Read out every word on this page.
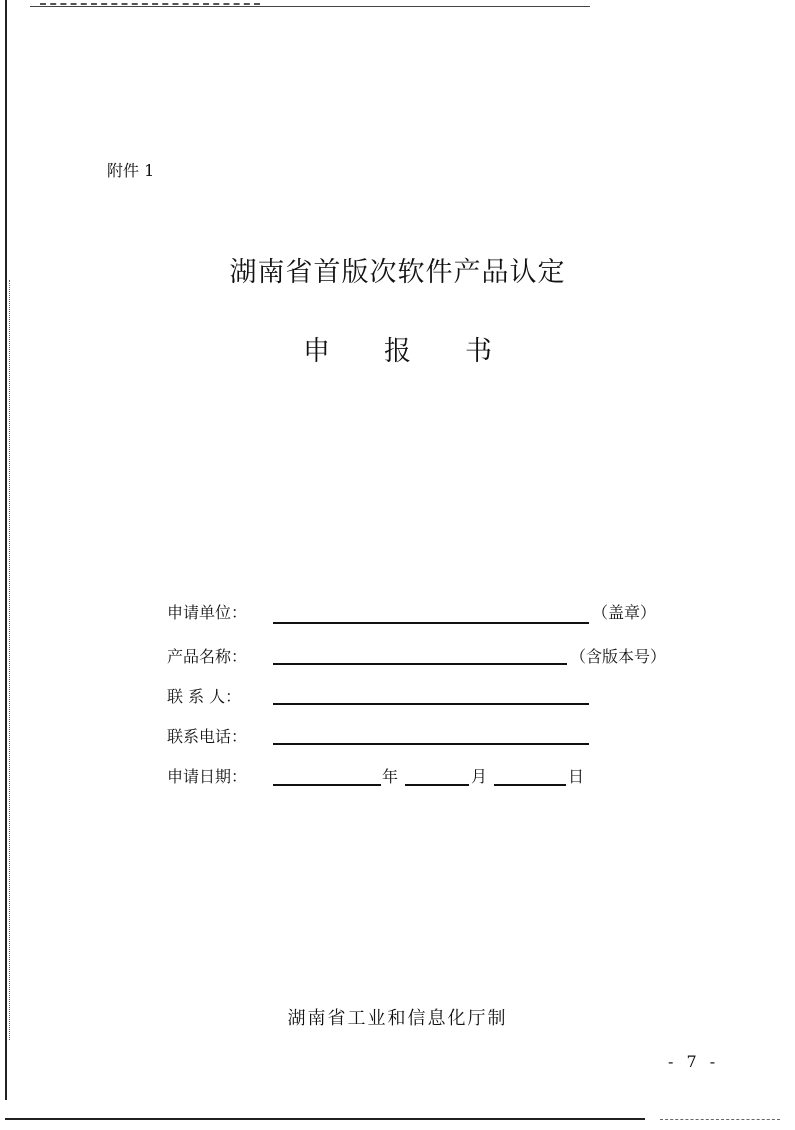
附件 1
湖南省首版次软件产品认定
申 报 书
申请单位：	（盖章）
产品名称：	（含版本号）
联 系 人：
联系电话：
申请日期：	年	月	日
湖南省工业和信息化厅制
- 7 -
